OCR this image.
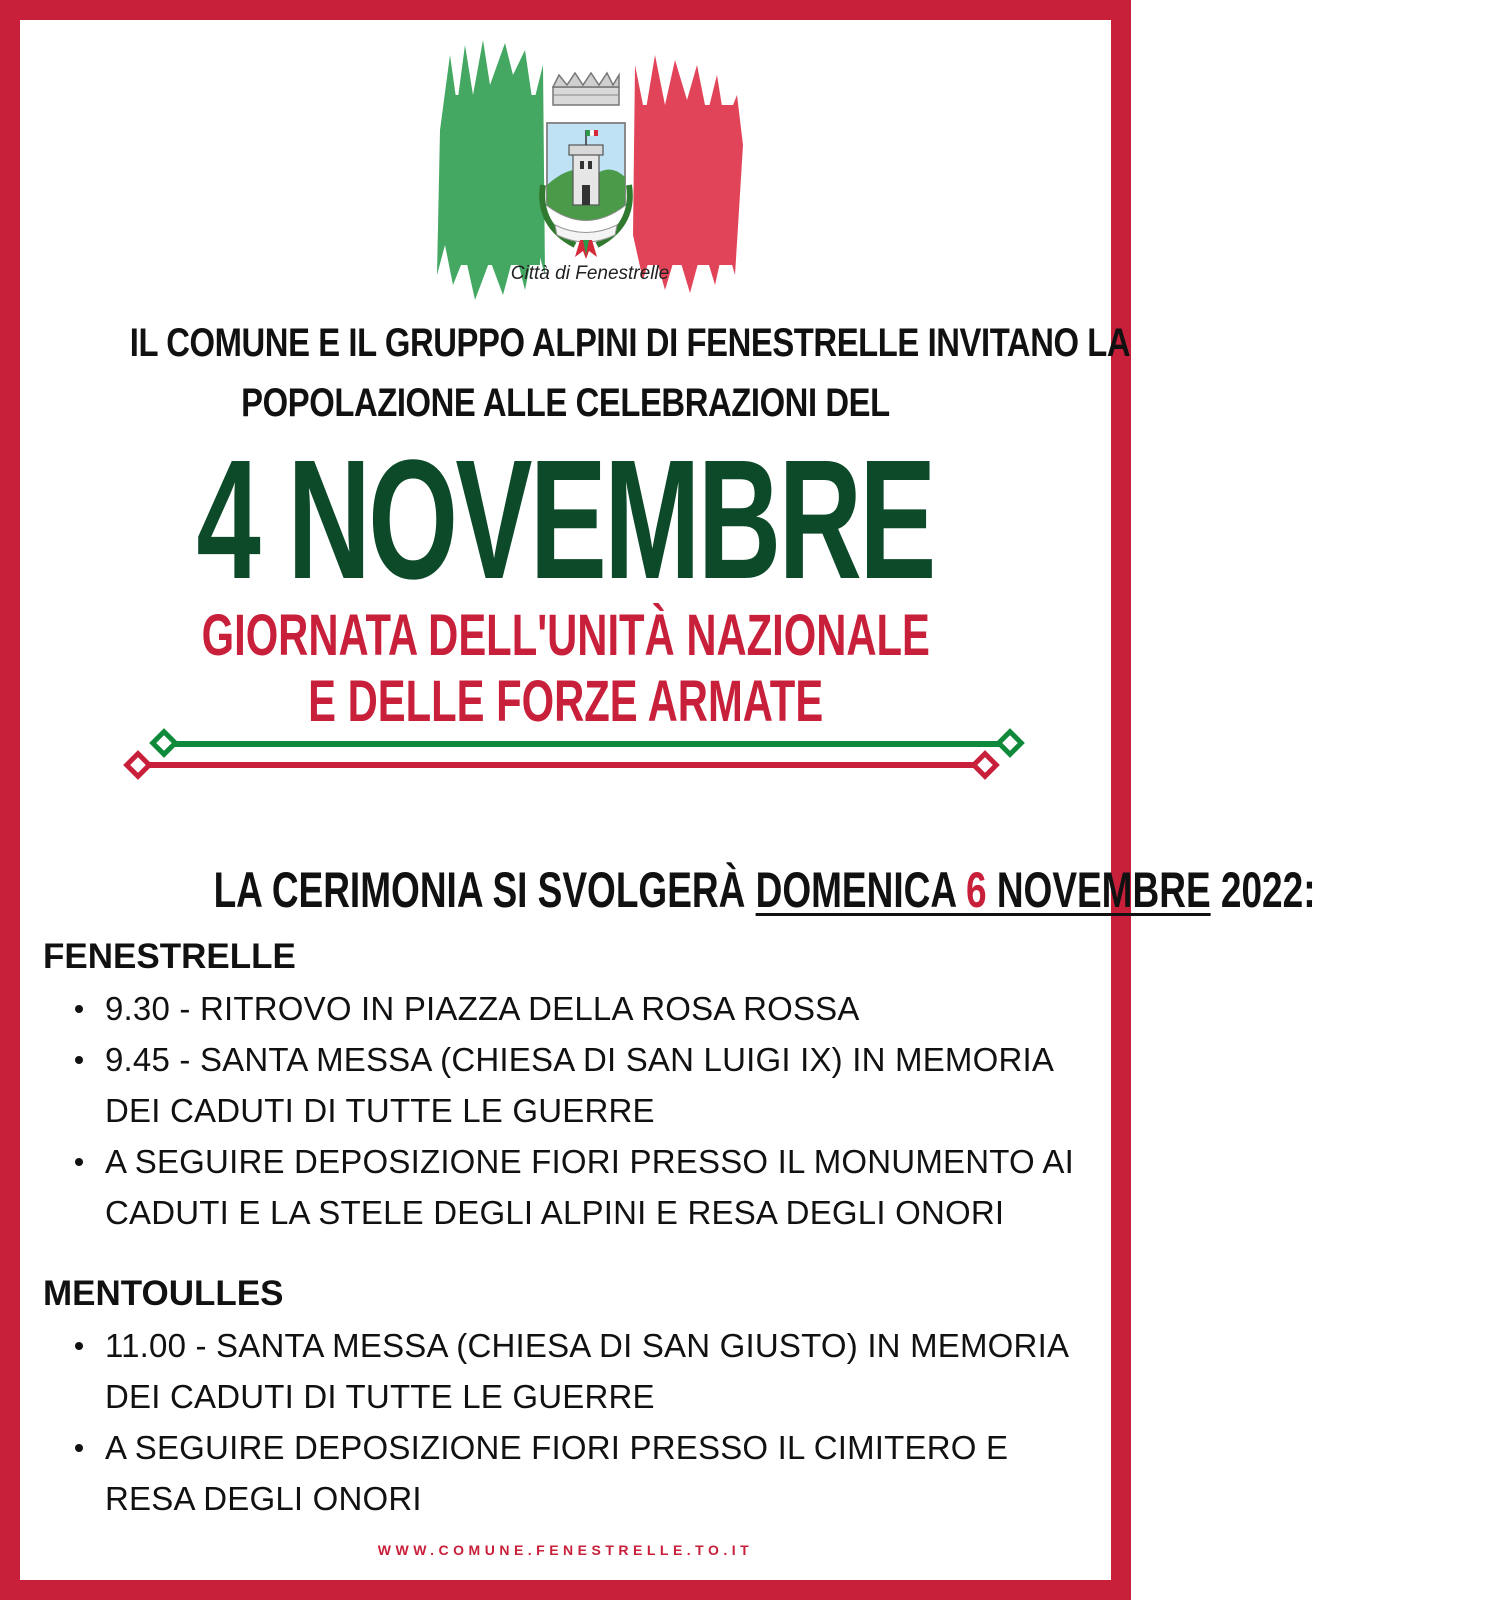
Città di Fenestrelle
IL COMUNE E IL GRUPPO ALPINI DI FENESTRELLE INVITANO LA
POPOLAZIONE ALLE CELEBRAZIONI DEL
4 NOVEMBRE
GIORNATA DELL'UNITÀ NAZIONALE
E DELLE FORZE ARMATE
LA CERIMONIA SI SVOLGERÀ DOMENICA 6 NOVEMBRE 2022:
FENESTRELLE
9.30 - RITROVO IN PIAZZA DELLA ROSA ROSSA
9.45 - SANTA MESSA (CHIESA DI SAN LUIGI IX) IN MEMORIA DEI CADUTI DI TUTTE LE GUERRE
A SEGUIRE DEPOSIZIONE FIORI PRESSO IL MONUMENTO AI CADUTI E LA STELE DEGLI ALPINI E RESA DEGLI ONORI
MENTOULLES
11.00 - SANTA MESSA (CHIESA DI SAN GIUSTO) IN MEMORIA DEI CADUTI DI TUTTE LE GUERRE
A SEGUIRE DEPOSIZIONE FIORI PRESSO IL CIMITERO E RESA DEGLI ONORI
WWW.COMUNE.FENESTRELLE.TO.IT
